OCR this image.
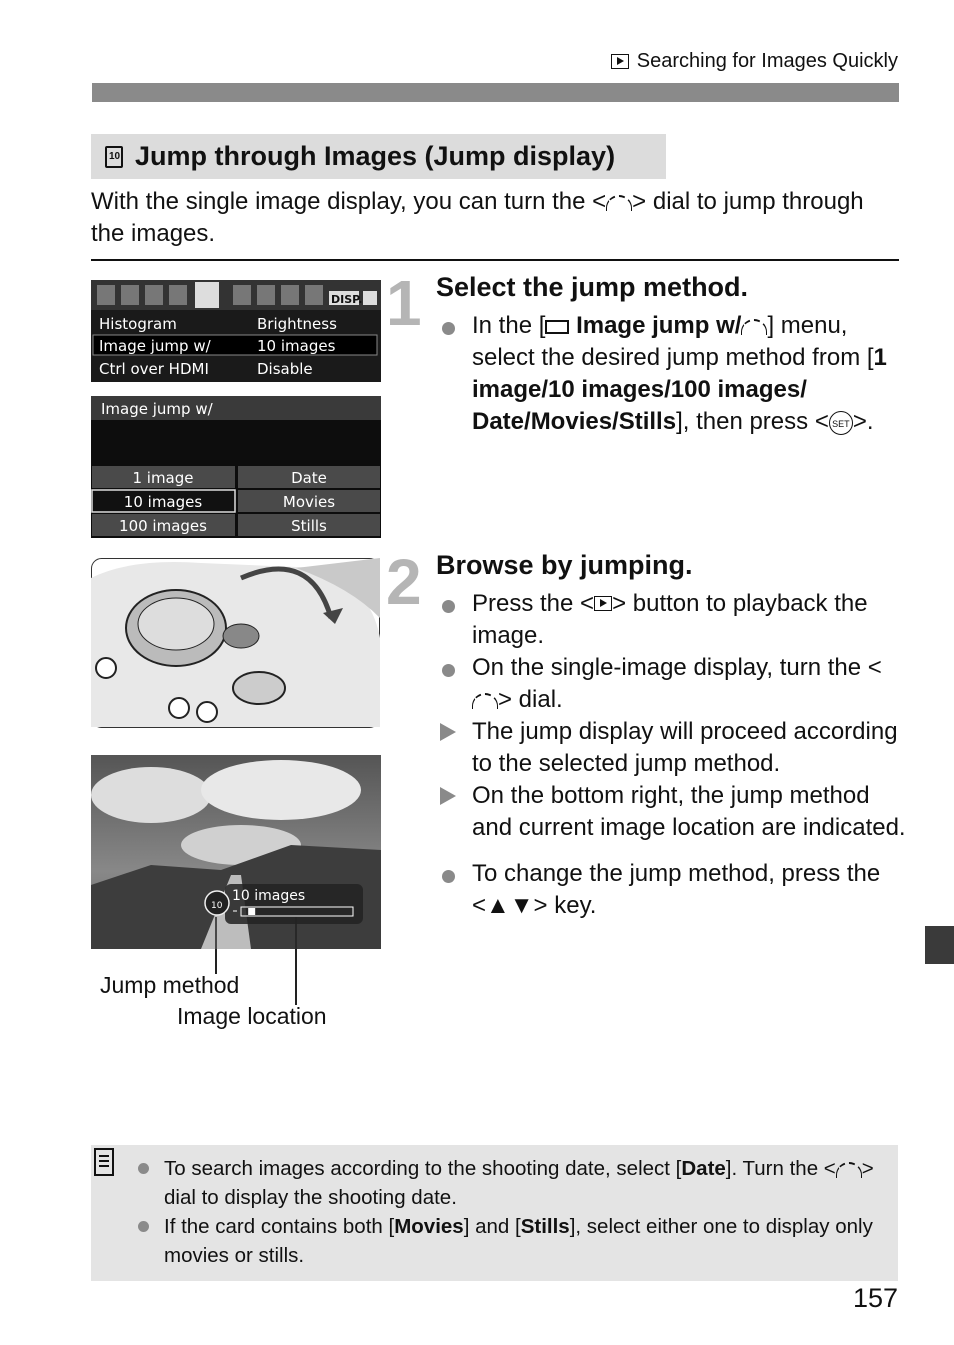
Searching for Images Quickly
10
Jump through Images (Jump display)
With the single image display, you can turn the < > dial to jump through the images.
DISP.
Histogram	Brightness
Image jump w/	10 images
Ctrl over HDMI	Disable
Image jump w/
1 image	Date
10 images	Movies
100 images	Stills
1 Select the jump method.
In the [ Image jump w/ ] menu, select the desired jump method from [1 image/10 images/100 images/ Date/Movies/Stills], then press < SET >.
10
10 images
Jump method
Image location
2 Browse by jumping.
Press the < > button to playback the image.
On the single-image display, turn the <> dial.
The jump display will proceed according to the selected jump method.
On the bottom right, the jump method and current image location are indicated.
To change the jump method, press the <▲▼> key.
To search images according to the shooting date, select [Date]. Turn the < > dial to display the shooting date.
If the card contains both [Movies] and [Stills], select either one to display only movies or stills.
157
